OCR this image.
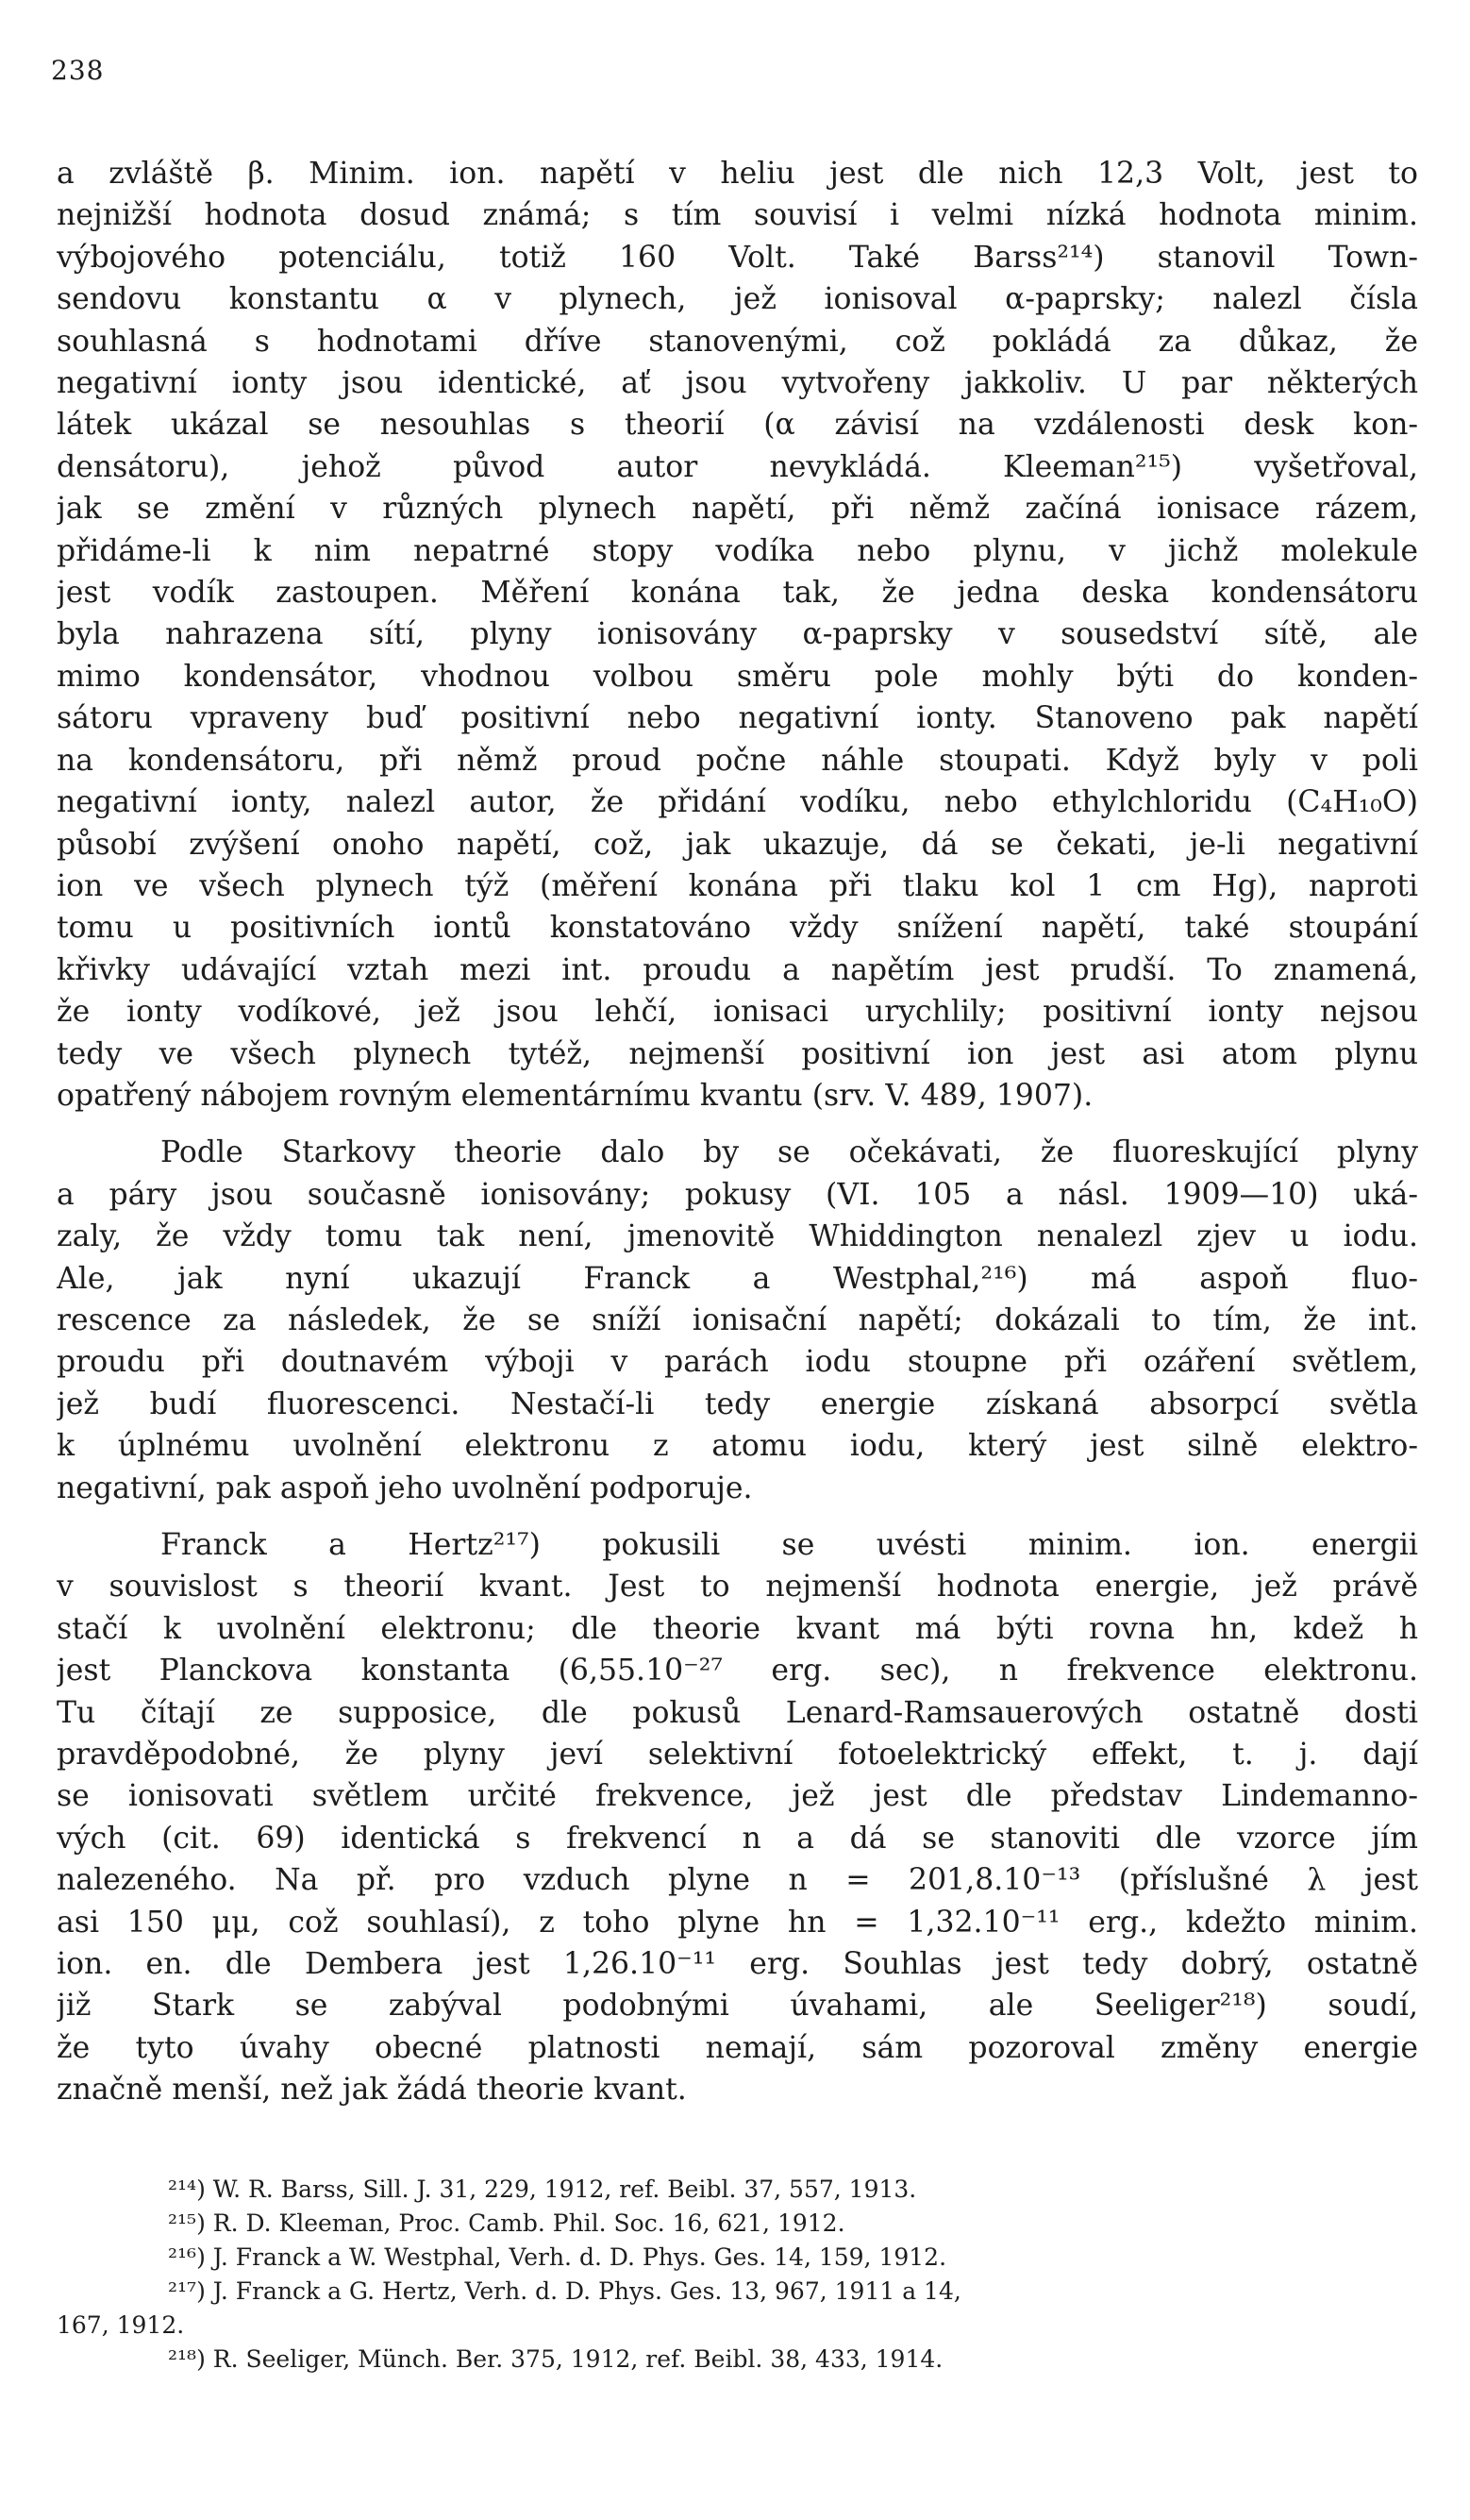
238
a zvláště β. Minim. ion. napětí v heliu jest dle nich 12,3 Volt, jest to
nejnižší hodnota dosud známá; s tím souvisí i velmi nízká hodnota minim.
výbojového potenciálu, totiž 160 Volt. Také Barss²¹⁴) stanovil Town-
sendovu konstantu α v plynech, jež ionisoval α-paprsky; nalezl čísla
souhlasná s hodnotami dříve stanovenými, což pokládá za důkaz, že
negativní ionty jsou identické, ať jsou vytvořeny jakkoliv. U par některých
látek ukázal se nesouhlas s theorií (α závisí na vzdálenosti desk kon-
densátoru), jehož původ autor nevykládá. Kleeman²¹⁵) vyšetřoval,
jak se změní v různých plynech napětí, při němž začíná ionisace rázem,
přidáme-li k nim nepatrné stopy vodíka nebo plynu, v jichž molekule
jest vodík zastoupen. Měření konána tak, že jedna deska kondensátoru
byla nahrazena sítí, plyny ionisovány α-paprsky v sousedství sítě, ale
mimo kondensátor, vhodnou volbou směru pole mohly býti do konden-
sátoru vpraveny buď positivní nebo negativní ionty. Stanoveno pak napětí
na kondensátoru, při němž proud počne náhle stoupati. Když byly v poli
negativní ionty, nalezl autor, že přidání vodíku, nebo ethylchloridu (C₄H₁₀O)
působí zvýšení onoho napětí, což, jak ukazuje, dá se čekati, je-li negativní
ion ve všech plynech týž (měření konána při tlaku kol 1 cm Hg), naproti
tomu u positivních iontů konstatováno vždy snížení napětí, také stoupání
křivky udávající vztah mezi int. proudu a napětím jest prudší. To znamená,
že ionty vodíkové, jež jsou lehčí, ionisaci urychlily; positivní ionty nejsou
tedy ve všech plynech tytéž, nejmenší positivní ion jest asi atom plynu
opatřený nábojem rovným elementárnímu kvantu (srv. V. 489, 1907).
Podle Starkovy theorie dalo by se očekávati, že fluoreskující plyny
a páry jsou současně ionisovány; pokusy (VI. 105 a násl. 1909—10) uká-
zaly, že vždy tomu tak není, jmenovitě Whiddington nenalezl zjev u iodu.
Ale, jak nyní ukazují Franck a Westphal,²¹⁶) má aspoň fluo-
rescence za následek, že se sníží ionisační napětí; dokázali to tím, že int.
proudu při doutnavém výboji v parách iodu stoupne při ozáření světlem,
jež budí fluorescenci. Nestačí-li tedy energie získaná absorpcí světla
k úplnému uvolnění elektronu z atomu iodu, který jest silně elektro-
negativní, pak aspoň jeho uvolnění podporuje.
Franck a Hertz²¹⁷) pokusili se uvésti minim. ion. energii
v souvislost s theorií kvant. Jest to nejmenší hodnota energie, jež právě
stačí k uvolnění elektronu; dle theorie kvant má býti rovna hn, kdež h
jest Planckova konstanta (6,55.10⁻²⁷ erg. sec), n frekvence elektronu.
Tu čítají ze supposice, dle pokusů Lenard-Ramsauerových ostatně dosti
pravděpodobné, že plyny jeví selektivní fotoelektrický effekt, t. j. dají
se ionisovati světlem určité frekvence, jež jest dle představ Lindemanno-
vých (cit. 69) identická s frekvencí n a dá se stanoviti dle vzorce jím
nalezeného. Na př. pro vzduch plyne n = 201,8.10⁻¹³ (příslušné λ jest
asi 150 μμ, což souhlasí), z toho plyne hn = 1,32.10⁻¹¹ erg., kdežto minim.
ion. en. dle Dembera jest 1,26.10⁻¹¹ erg. Souhlas jest tedy dobrý, ostatně
již Stark se zabýval podobnými úvahami, ale Seeliger²¹⁸) soudí,
že tyto úvahy obecné platnosti nemají, sám pozoroval změny energie
značně menší, než jak žádá theorie kvant.
²¹⁴) W. R. Barss, Sill. J. 31, 229, 1912, ref. Beibl. 37, 557, 1913.
²¹⁵) R. D. Kleeman, Proc. Camb. Phil. Soc. 16, 621, 1912.
²¹⁶) J. Franck a W. Westphal, Verh. d. D. Phys. Ges. 14, 159, 1912.
²¹⁷) J. Franck a G. Hertz, Verh. d. D. Phys. Ges. 13, 967, 1911 a 14,
167, 1912.
²¹⁸) R. Seeliger, Münch. Ber. 375, 1912, ref. Beibl. 38, 433, 1914.
